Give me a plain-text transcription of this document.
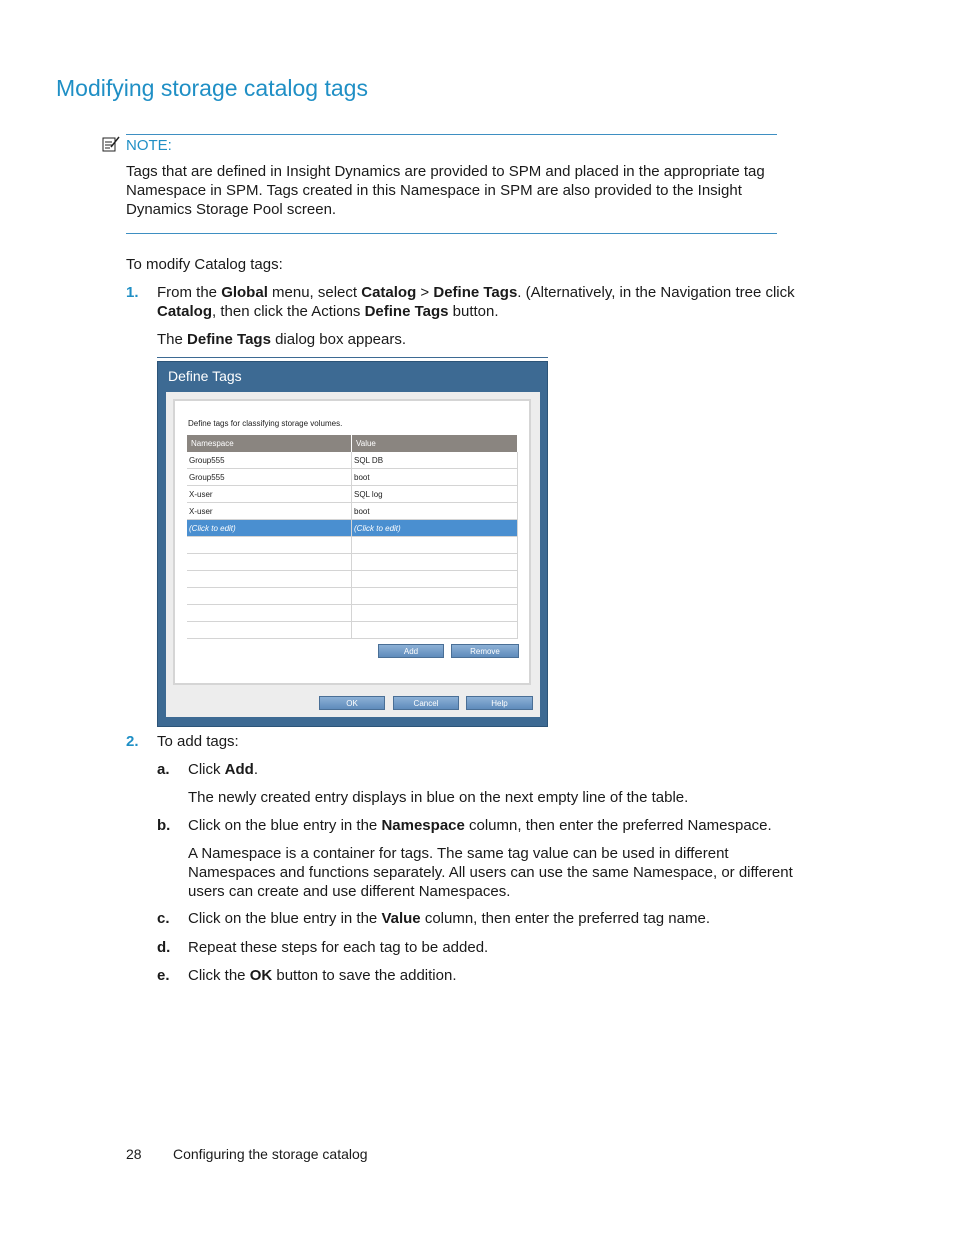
Modifying storage catalog tags
NOTE:
Tags that are defined in Insight Dynamics are provided to SPM and placed in the appropriate tag Namespace in SPM. Tags created in this Namespace in SPM are also provided to the Insight Dynamics Storage Pool screen.
To modify Catalog tags:
1. From the Global menu, select Catalog > Define Tags. (Alternatively, in the Navigation tree click Catalog, then click the Actions Define Tags button.
The Define Tags dialog box appears.
Define Tags
Define tags for classifying storage volumes.
Namespace	Value
Group555	SQL DB
Group555	boot
X-user	SQL log
X-user	boot
(Click to edit)	(Click to edit)

Add	Remove
OK	Cancel	Help
2. To add tags:
a. Click Add.
The newly created entry displays in blue on the next empty line of the table.
b. Click on the blue entry in the Namespace column, then enter the preferred Namespace.
A Namespace is a container for tags. The same tag value can be used in different Namespaces and functions separately. All users can use the same Namespace, or different users can create and use different Namespaces.
c. Click on the blue entry in the Value column, then enter the preferred tag name.
d. Repeat these steps for each tag to be added.
e. Click the OK button to save the addition.
28 Configuring the storage catalog
